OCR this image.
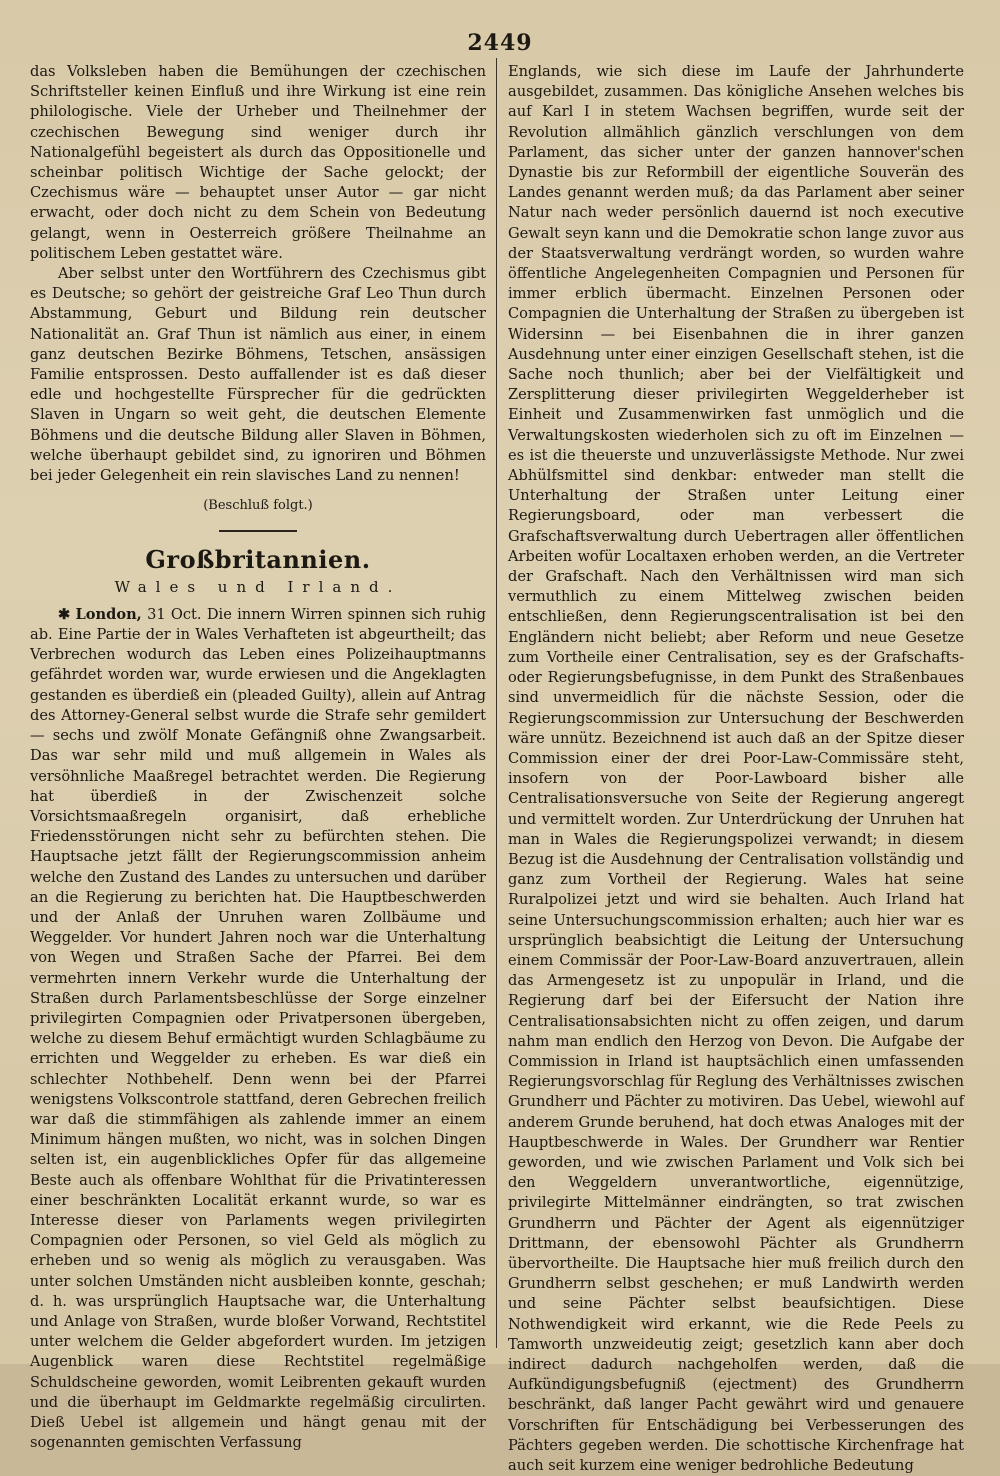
2449

das Volksleben haben die Bemühungen der czechischen Schriftsteller keinen Einfluß und ihre Wirkung ist eine rein philologische. Viele der Urheber und Theilnehmer der czechischen Bewegung sind weniger durch ihr Nationalgefühl begeistert als durch das Oppositionelle und scheinbar politisch Wichtige der Sache gelockt; der Czechismus wäre — behauptet unser Autor — gar nicht erwacht, oder doch nicht zu dem Schein von Bedeutung gelangt, wenn in Oesterreich größere Theilnahme an politischem Leben gestattet wäre.

Aber selbst unter den Wortführern des Czechismus gibt es Deutsche; so gehört der geistreiche Graf Leo Thun durch Abstammung, Geburt und Bildung rein deutscher Nationalität an. Graf Thun ist nämlich aus einer, in einem ganz deutschen Bezirke Böhmens, Tetschen, ansässigen Familie entsprossen. Desto auffallender ist es daß dieser edle und hochgestellte Fürsprecher für die gedrückten Slaven in Ungarn so weit geht, die deutschen Elemente Böhmens und die deutsche Bildung aller Slaven in Böhmen, welche überhaupt gebildet sind, zu ignoriren und Böhmen bei jeder Gelegenheit ein rein slavisches Land zu nennen!

(Beschluß folgt.)
Großbritannien.
Wales und Irland.

✱ London, 31 Oct. Die innern Wirren spinnen sich ruhig ab. Eine Partie der in Wales Verhafteten ist abgeurtheilt; das Verbrechen wodurch das Leben eines Polizeihauptmanns gefährdet worden war, wurde erwiesen und die Angeklagten gestanden es überdieß ein (pleaded Guilty), allein auf Antrag des Attorney-General selbst wurde die Strafe sehr gemildert — sechs und zwölf Monate Gefängniß ohne Zwangsarbeit. Das war sehr mild und muß allgemein in Wales als versöhnliche Maaßregel betrachtet werden. Die Regierung hat überdieß in der Zwischenzeit solche Vorsichtsmaaßregeln organisirt, daß erhebliche Friedensstörungen nicht sehr zu befürchten stehen. Die Hauptsache jetzt fällt der Regierungscommission anheim welche den Zustand des Landes zu untersuchen und darüber an die Regierung zu berichten hat. Die Hauptbeschwerden und der Anlaß der Unruhen waren Zollbäume und Weggelder. Vor hundert Jahren noch war die Unterhaltung von Wegen und Straßen Sache der Pfarrei. Bei dem vermehrten innern Verkehr wurde die Unterhaltung der Straßen durch Parlamentsbeschlüsse der Sorge einzelner privilegirten Compagnien oder Privatpersonen übergeben, welche zu diesem Behuf ermächtigt wurden Schlagbäume zu errichten und Weggelder zu erheben. Es war dieß ein schlechter Nothbehelf. Denn wenn bei der Pfarrei wenigstens Volkscontrole stattfand, deren Gebrechen freilich war daß die stimmfähigen als zahlende immer an einem Minimum hängen mußten, wo nicht, was in solchen Dingen selten ist, ein augenblickliches Opfer für das allgemeine Beste auch als offenbare Wohlthat für die Privatinteressen einer beschränkten Localität erkannt wurde, so war es Interesse dieser von Parlaments wegen privilegirten Compagnien oder Personen, so viel Geld als möglich zu erheben und so wenig als möglich zu verausgaben. Was unter solchen Umständen nicht ausbleiben konnte, geschah; d. h. was ursprünglich Hauptsache war, die Unterhaltung und Anlage von Straßen, wurde bloßer Vorwand, Rechtstitel unter welchem die Gelder abgefordert wurden. Im jetzigen Augenblick waren diese Rechtstitel regelmäßige Schuldscheine geworden, womit Leibrenten gekauft wurden und die überhaupt im Geldmarkte regelmäßig circulirten. Dieß Uebel ist allgemein und hängt genau mit der sogenannten gemischten Verfassung

Englands, wie sich diese im Laufe der Jahrhunderte ausgebildet, zusammen. Das königliche Ansehen welches bis auf Karl I in stetem Wachsen begriffen, wurde seit der Revolution allmählich gänzlich verschlungen von dem Parlament, das sicher unter der ganzen hannover'schen Dynastie bis zur Reformbill der eigentliche Souverän des Landes genannt werden muß; da das Parlament aber seiner Natur nach weder persönlich dauernd ist noch executive Gewalt seyn kann und die Demokratie schon lange zuvor aus der Staatsverwaltung verdrängt worden, so wurden wahre öffentliche Angelegenheiten Compagnien und Personen für immer erblich übermacht. Einzelnen Personen oder Compagnien die Unterhaltung der Straßen zu übergeben ist Widersinn — bei Eisenbahnen die in ihrer ganzen Ausdehnung unter einer einzigen Gesellschaft stehen, ist die Sache noch thunlich; aber bei der Vielfältigkeit und Zersplitterung dieser privilegirten Weggelderheber ist Einheit und Zusammenwirken fast unmöglich und die Verwaltungskosten wiederholen sich zu oft im Einzelnen — es ist die theuerste und unzuverlässigste Methode. Nur zwei Abhülfsmittel sind denkbar: entweder man stellt die Unterhaltung der Straßen unter Leitung einer Regierungsboard, oder man verbessert die Grafschaftsverwaltung durch Uebertragen aller öffentlichen Arbeiten wofür Localtaxen erhoben werden, an die Vertreter der Grafschaft. Nach den Verhältnissen wird man sich vermuthlich zu einem Mittelweg zwischen beiden entschließen, denn Regierungscentralisation ist bei den Engländern nicht beliebt; aber Reform und neue Gesetze zum Vortheile einer Centralisation, sey es der Grafschafts- oder Regierungsbefugnisse, in dem Punkt des Straßenbaues sind unvermeidlich für die nächste Session, oder die Regierungscommission zur Untersuchung der Beschwerden wäre unnütz. Bezeichnend ist auch daß an der Spitze dieser Commission einer der drei Poor-Law-Commissäre steht, insofern von der Poor-Lawboard bisher alle Centralisationsversuche von Seite der Regierung angeregt und vermittelt worden. Zur Unterdrückung der Unruhen hat man in Wales die Regierungspolizei verwandt; in diesem Bezug ist die Ausdehnung der Centralisation vollständig und ganz zum Vortheil der Regierung. Wales hat seine Ruralpolizei jetzt und wird sie behalten. Auch Irland hat seine Untersuchungscommission erhalten; auch hier war es ursprünglich beabsichtigt die Leitung der Untersuchung einem Commissär der Poor-Law-Board anzuvertrauen, allein das Armengesetz ist zu unpopulär in Irland, und die Regierung darf bei der Eifersucht der Nation ihre Centralisationsabsichten nicht zu offen zeigen, und darum nahm man endlich den Herzog von Devon. Die Aufgabe der Commission in Irland ist hauptsächlich einen umfassenden Regierungsvorschlag für Reglung des Verhältnisses zwischen Grundherr und Pächter zu motiviren. Das Uebel, wiewohl auf anderem Grunde beruhend, hat doch etwas Analoges mit der Hauptbeschwerde in Wales. Der Grundherr war Rentier geworden, und wie zwischen Parlament und Volk sich bei den Weggeldern unverantwortliche, eigennützige, privilegirte Mittelmänner eindrängten, so trat zwischen Grundherrn und Pächter der Agent als eigennütziger Drittmann, der ebensowohl Pächter als Grundherrn übervortheilte. Die Hauptsache hier muß freilich durch den Grundherrn selbst geschehen; er muß Landwirth werden und seine Pächter selbst beaufsichtigen. Diese Nothwendigkeit wird erkannt, wie die Rede Peels zu Tamworth unzweideutig zeigt; gesetzlich kann aber doch indirect dadurch nachgeholfen werden, daß die Aufkündigungsbefugniß (ejectment) des Grundherrn beschränkt, daß langer Pacht gewährt wird und genauere Vorschriften für Entschädigung bei Verbesserungen des Pächters gegeben werden. Die schottische Kirchenfrage hat auch seit kurzem eine weniger bedrohliche Bedeutung
